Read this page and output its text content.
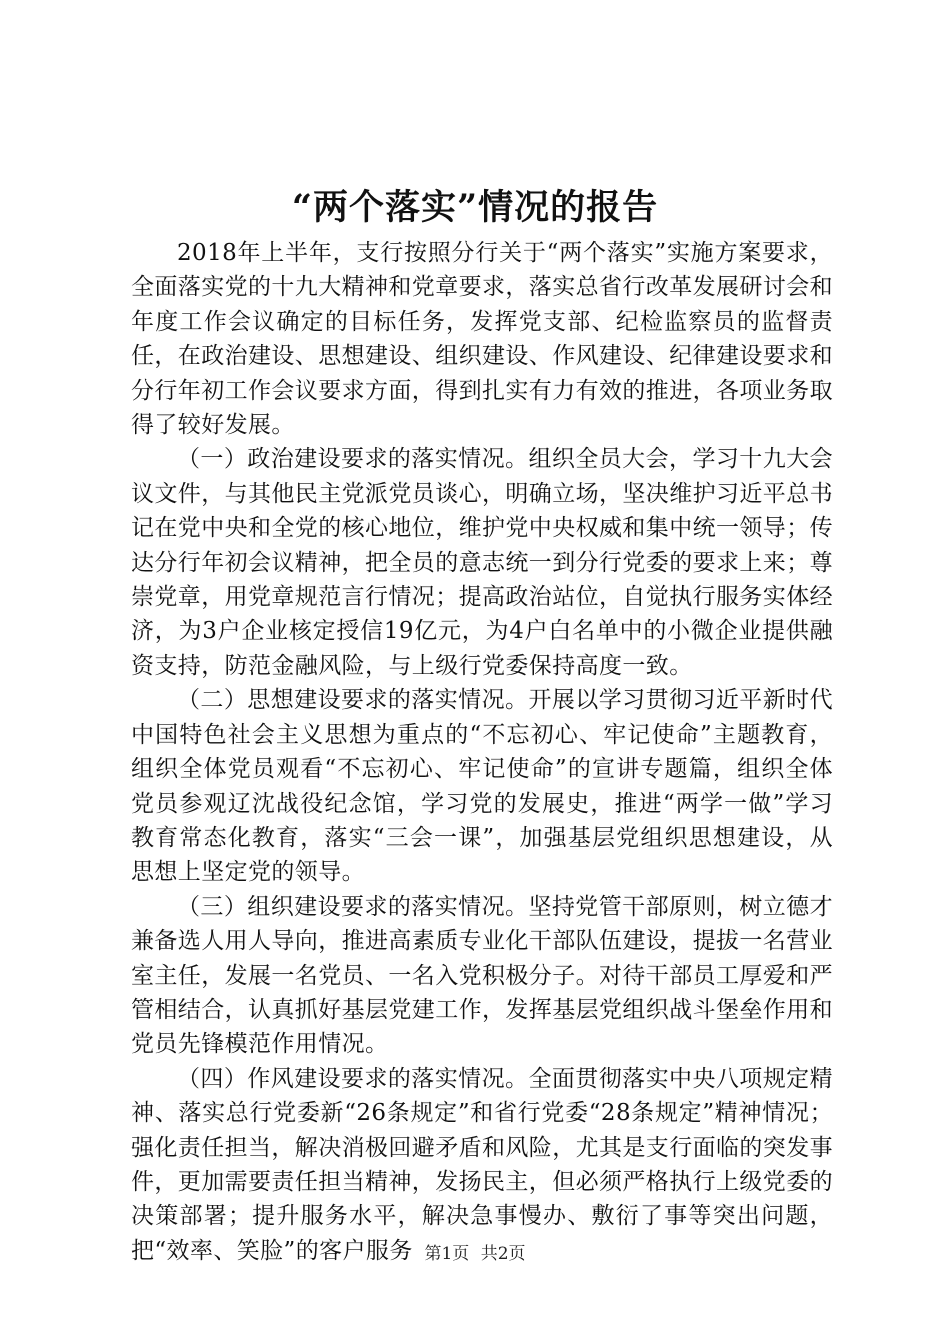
“两个落实”情况的报告

2018年上半年，支行按照分行关于“两个落实”实施方案要求，全面落实党的十九大精神和党章要求，落实总省行改革发展研讨会和年度工作会议确定的目标任务，发挥党支部、纪检监察员的监督责任，在政治建设、思想建设、组织建设、作风建设、纪律建设要求和分行年初工作会议要求方面，得到扎实有力有效的推进，各项业务取得了较好发展。

（一）政治建设要求的落实情况。组织全员大会，学习十九大会议文件，与其他民主党派党员谈心，明确立场，坚决维护习近平总书记在党中央和全党的核心地位，维护党中央权威和集中统一领导；传达分行年初会议精神，把全员的意志统一到分行党委的要求上来；尊崇党章，用党章规范言行情况；提高政治站位，自觉执行服务实体经济，为3户企业核定授信19亿元，为4户白名单中的小微企业提供融资支持，防范金融风险，与上级行党委保持高度一致。

（二）思想建设要求的落实情况。开展以学习贯彻习近平新时代中国特色社会主义思想为重点的“不忘初心、牢记使命”主题教育，组织全体党员观看“不忘初心、牢记使命”的宣讲专题篇，组织全体党员参观辽沈战役纪念馆，学习党的发展史，推进“两学一做”学习教育常态化教育，落实“三会一课”，加强基层党组织思想建设，从思想上坚定党的领导。

（三）组织建设要求的落实情况。坚持党管干部原则，树立德才兼备选人用人导向，推进高素质专业化干部队伍建设，提拔一名营业室主任，发展一名党员、一名入党积极分子。对待干部员工厚爱和严管相结合，认真抓好基层党建工作，发挥基层党组织战斗堡垒作用和党员先锋模范作用情况。

（四）作风建设要求的落实情况。全面贯彻落实中央八项规定精神、落实总行党委新“26条规定”和省行党委“28条规定”精神情况；强化责任担当，解决消极回避矛盾和风险，尤其是支行面临的突发事件，更加需要责任担当精神，发扬民主，但必须严格执行上级党委的决策部署；提升服务水平，解决急事慢办、敷衍了事等突出问题，把“效率、笑脸”的客户服务 第1页 共2页
